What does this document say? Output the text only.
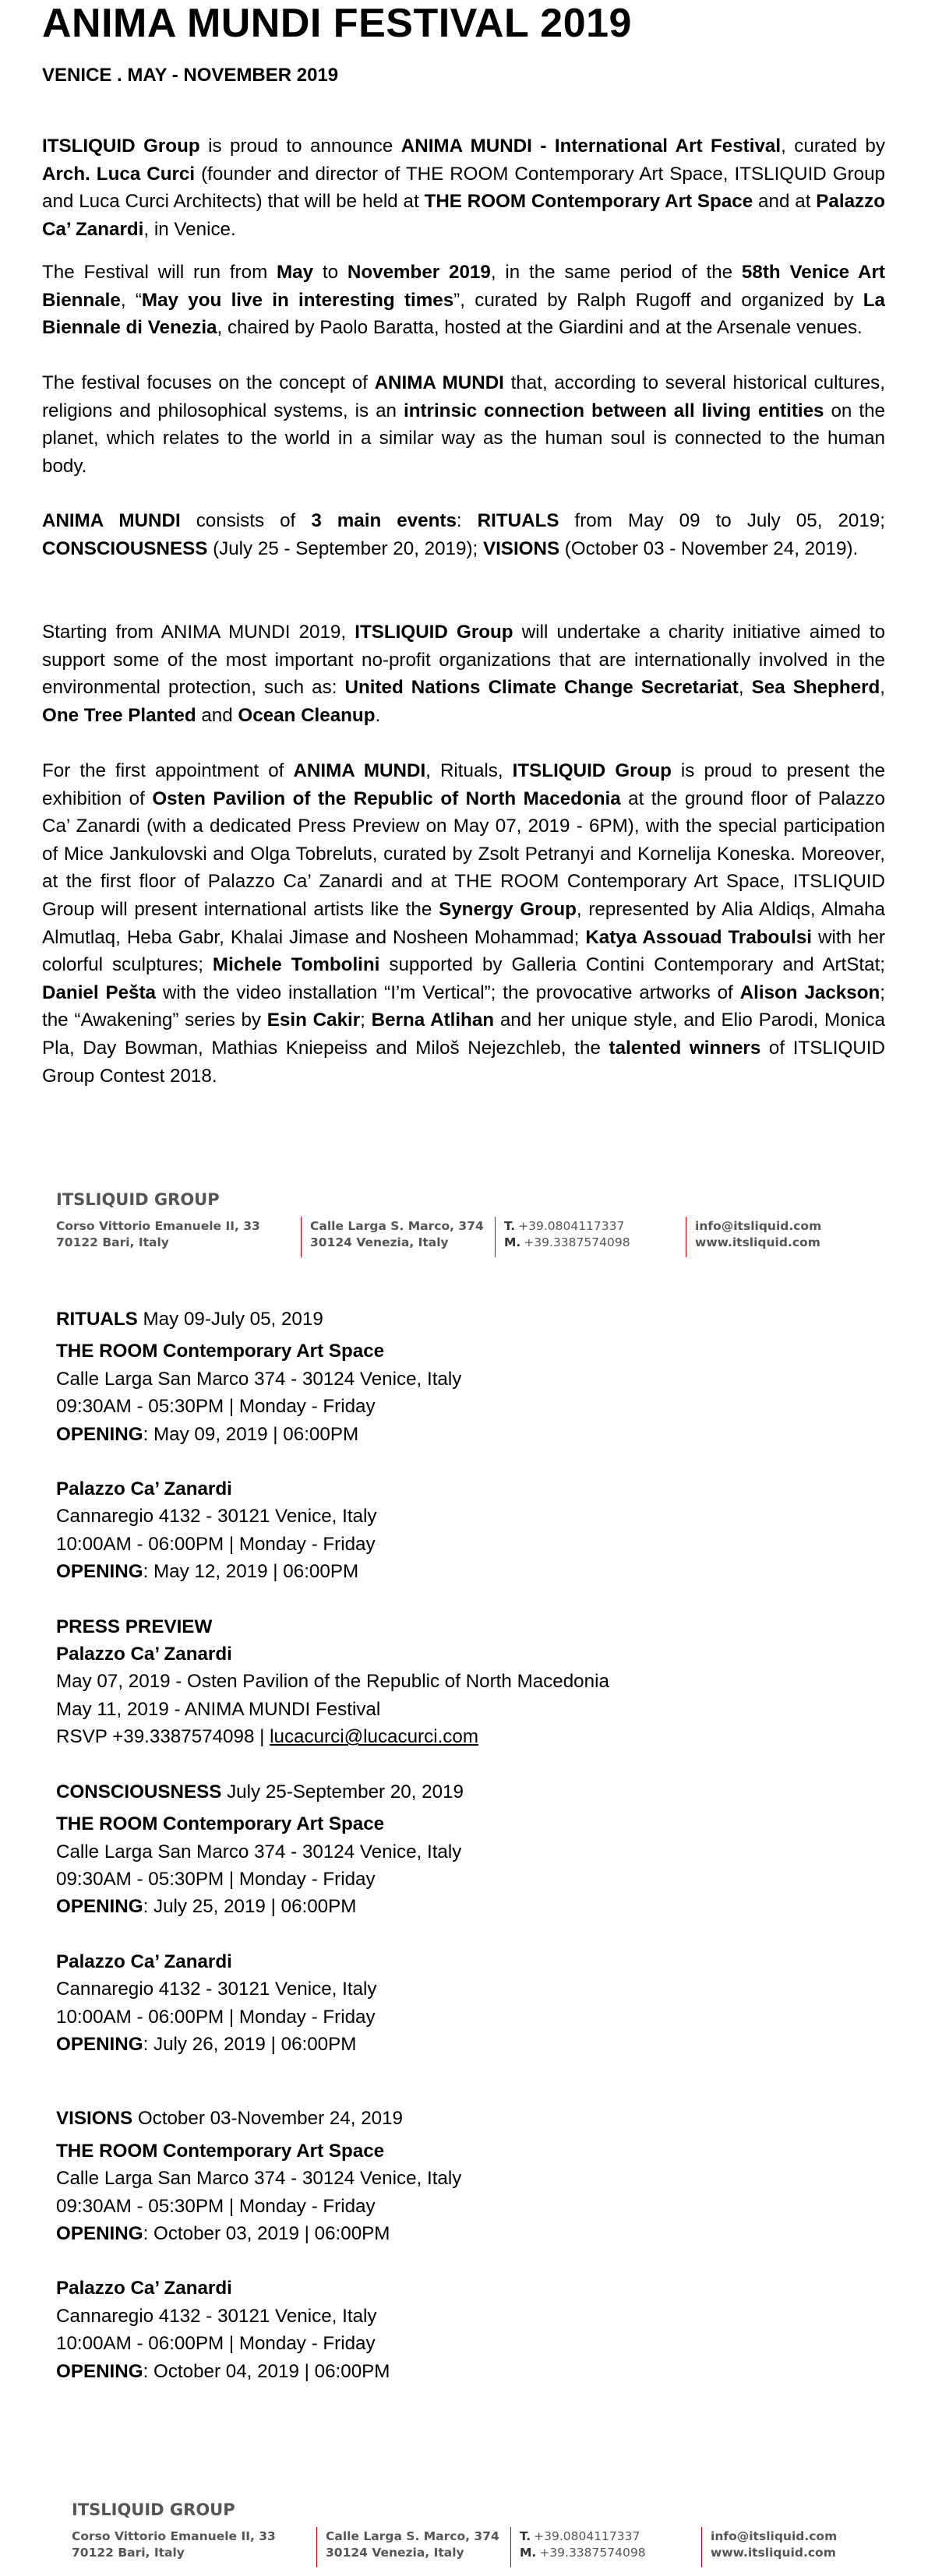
ANIMA MUNDI FESTIVAL 2019
VENICE . MAY - NOVEMBER 2019

ITSLIQUID Group is proud to announce ANIMA MUNDI - International Art Festival, curated by Arch. Luca Curci (founder and director of THE ROOM Contemporary Art Space, ITSLIQUID Group and Luca Curci Architects) that will be held at THE ROOM Contemporary Art Space and at Palazzo Ca’ Zanardi, in Venice.

The Festival will run from May to November 2019, in the same period of the 58th Venice Art Biennale, “May you live in interesting times”, curated by Ralph Rugoff and organized by La Biennale di Venezia, chaired by Paolo Baratta, hosted at the Giardini and at the Arsenale venues.

The festival focuses on the concept of ANIMA MUNDI that, according to several historical cultures, religions and philosophical systems, is an intrinsic connection between all living entities on the planet, which relates to the world in a similar way as the human soul is connected to the human body.

ANIMA MUNDI consists of 3 main events: RITUALS from May 09 to July 05, 2019; CONSCIOUSNESS (July 25 - September 20, 2019); VISIONS (October 03 - November 24, 2019).

Starting from ANIMA MUNDI 2019, ITSLIQUID Group will undertake a charity initiative aimed to support some of the most important no-profit organizations that are internationally involved in the environmental protection, such as: United Nations Climate Change Secretariat, Sea Shepherd, One Tree Planted and Ocean Cleanup.

For the first appointment of ANIMA MUNDI, Rituals, ITSLIQUID Group is proud to present the exhibition of Osten Pavilion of the Republic of North Macedonia at the ground floor of Palazzo Ca’ Zanardi (with a dedicated Press Preview on May 07, 2019 - 6PM), with the special participation of Mice Jankulovski and Olga Tobreluts, curated by Zsolt Petranyi and Kornelija Koneska. Moreover, at the first floor of Palazzo Ca’ Zanardi and at THE ROOM Contemporary Art Space, ITSLIQUID Group will present international artists like the Synergy Group, represented by Alia Aldiqs, Almaha Almutlaq, Heba Gabr, Khalai Jimase and Nosheen Mohammad; Katya Assouad Traboulsi with her colorful sculptures; Michele Tombolini supported by Galleria Contini Contemporary and ArtStat; Daniel Pešta with the video installation “I’m Vertical”; the provocative artworks of Alison Jackson; the “Awakening” series by Esin Cakir; Berna Atlihan and her unique style, and Elio Parodi, Monica Pla, Day Bowman, Mathias Kniepeiss and Miloš Nejezchleb, the talented winners of ITSLIQUID Group Contest 2018.

ITSLIQUID GROUP
Corso Vittorio Emanuele II, 33
70122 Bari, Italy
Calle Larga S. Marco, 374
30124 Venezia, Italy
T. +39.0804117337
M. +39.3387574098
info@itsliquid.com
www.itsliquid.com
RITUALS May 09-July 05, 2019
THE ROOM Contemporary Art Space
Calle Larga San Marco 374 - 30124 Venice, Italy
09:30AM - 05:30PM | Monday - Friday
OPENING: May 09, 2019 | 06:00PM
Palazzo Ca’ Zanardi
Cannaregio 4132 - 30121 Venice, Italy
10:00AM - 06:00PM | Monday - Friday
OPENING: May 12, 2019 | 06:00PM
PRESS PREVIEW
Palazzo Ca’ Zanardi
May 07, 2019 - Osten Pavilion of the Republic of North Macedonia
May 11, 2019 - ANIMA MUNDI Festival
RSVP +39.3387574098 | lucacurci@lucacurci.com
CONSCIOUSNESS July 25-September 20, 2019
THE ROOM Contemporary Art Space
Calle Larga San Marco 374 - 30124 Venice, Italy
09:30AM - 05:30PM | Monday - Friday
OPENING: July 25, 2019 | 06:00PM
Palazzo Ca’ Zanardi
Cannaregio 4132 - 30121 Venice, Italy
10:00AM - 06:00PM | Monday - Friday
OPENING: July 26, 2019 | 06:00PM
VISIONS October 03-November 24, 2019
THE ROOM Contemporary Art Space
Calle Larga San Marco 374 - 30124 Venice, Italy
09:30AM - 05:30PM | Monday - Friday
OPENING: October 03, 2019 | 06:00PM
Palazzo Ca’ Zanardi
Cannaregio 4132 - 30121 Venice, Italy
10:00AM - 06:00PM | Monday - Friday
OPENING: October 04, 2019 | 06:00PM
ITSLIQUID GROUP
Corso Vittorio Emanuele II, 33
70122 Bari, Italy
Calle Larga S. Marco, 374
30124 Venezia, Italy
T. +39.0804117337
M. +39.3387574098
info@itsliquid.com
www.itsliquid.com
